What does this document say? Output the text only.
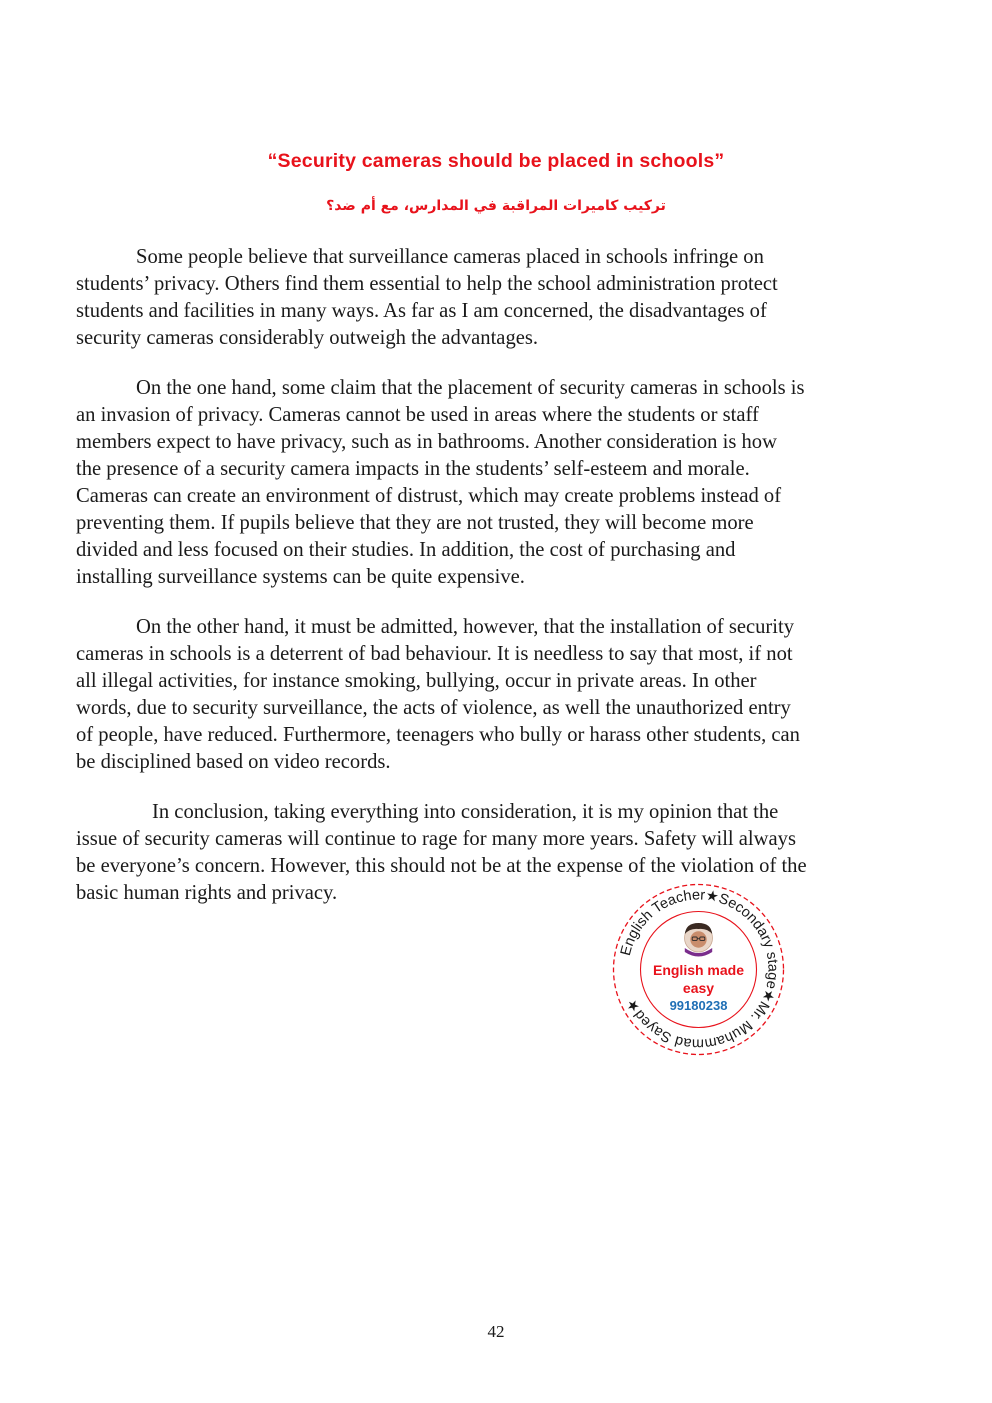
“Security cameras should be placed in schools”
تركيب كاميرات المراقبة في المدارس، مع أم ضد؟

Some people believe that surveillance cameras placed in schools infringe on
students’ privacy. Others find them essential to help the school administration protect
students and facilities in many ways. As far as I am concerned, the disadvantages of
security cameras considerably outweigh the advantages.

On the one hand, some claim that the placement of security cameras in schools is
an invasion of privacy. Cameras cannot be used in areas where the students or staff
members expect to have privacy, such as in bathrooms. Another consideration is how
the presence of a security camera impacts in the students’ self-esteem and morale.
Cameras can create an environment of distrust, which may create problems instead of
preventing them. If pupils believe that they are not trusted, they will become more
divided and less focused on their studies. In addition, the cost of purchasing and
installing surveillance systems can be quite expensive.

On the other hand, it must be admitted, however, that the installation of security
cameras in schools is a deterrent of bad behaviour. It is needless to say that most, if not
all illegal activities, for instance smoking, bullying, occur in private areas. In other
words, due to security surveillance, the acts of violence, as well the unauthorized entry
of people, have reduced. Furthermore, teenagers who bully or harass other students, can
be disciplined based on video records.

In conclusion, taking everything into consideration, it is my opinion that the
issue of security cameras will continue to rage for many more years. Safety will always
be everyone’s concern. However, this should not be at the expense of the violation of the
basic human rights and privacy.

English Teacher★Secondary stage★Mr. Muhammad Sayed★
English made
easy
99180238
42
